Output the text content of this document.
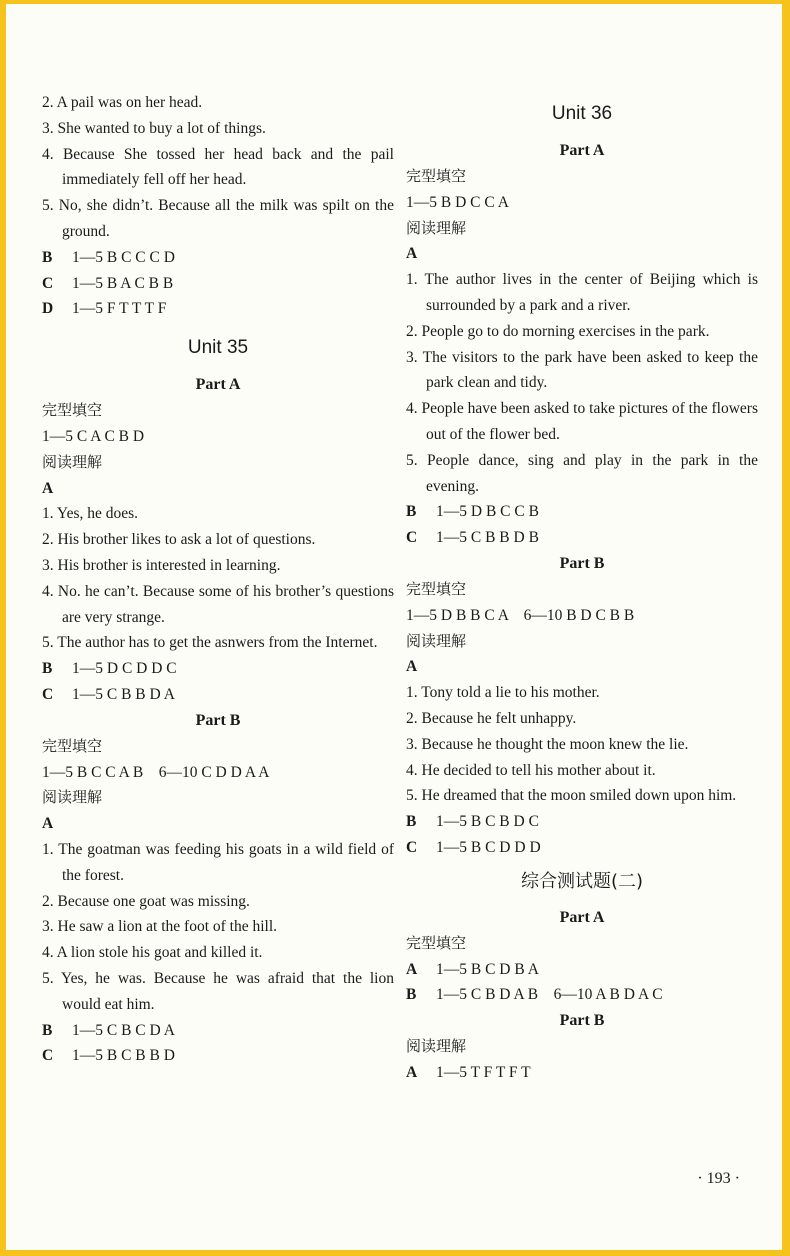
2. A pail was on her head.
3. She wanted to buy a lot of things.
4. Because She tossed her head back and the pail immediately fell off her head.
5. No, she didn’t. Because all the milk was spilt on the ground.
B 1—5 B C C C D
C 1—5 B A C B B
D 1—5 F T T T F
Unit 35
Part A
完型填空
1—5 C A C B D
阅读理解
A
1. Yes, he does.
2. His brother likes to ask a lot of questions.
3. His brother is interested in learning.
4. No. he can’t. Because some of his brother’s questions are very strange.
5. The author has to get the asnwers from the Internet.
B 1—5 D C D D C
C 1—5 C B B D A
Part B
完型填空
1—5 B C C A B　6—10 C D D A A
阅读理解
A
1. The goatman was feeding his goats in a wild field of the forest.
2. Because one goat was missing.
3. He saw a lion at the foot of the hill.
4. A lion stole his goat and killed it.
5. Yes, he was. Because he was afraid that the lion would eat him.
B 1—5 C B C D A
C 1—5 B C B B D
Unit 36
Part A
完型填空
1—5 B D C C A
阅读理解
A
1. The author lives in the center of Beijing which is surrounded by a park and a river.
2. People go to do morning exercises in the park.
3. The visitors to the park have been asked to keep the park clean and tidy.
4. People have been asked to take pictures of the flowers out of the flower bed.
5. People dance, sing and play in the park in the evening.
B 1—5 D B C C B
C 1—5 C B B D B
Part B
完型填空
1—5 D B B C A　6—10 B D C B B
阅读理解
A
1. Tony told a lie to his mother.
2. Because he felt unhappy.
3. Because he thought the moon knew the lie.
4. He decided to tell his mother about it.
5. He dreamed that the moon smiled down upon him.
B 1—5 B C B D C
C 1—5 B C D D D
综合测试题(二)
Part A
完型填空
A 1—5 B C D B A
B 1—5 C B D A B　6—10 A B D A C
Part B
阅读理解
A 1—5 T F T F T
· 193 ·
